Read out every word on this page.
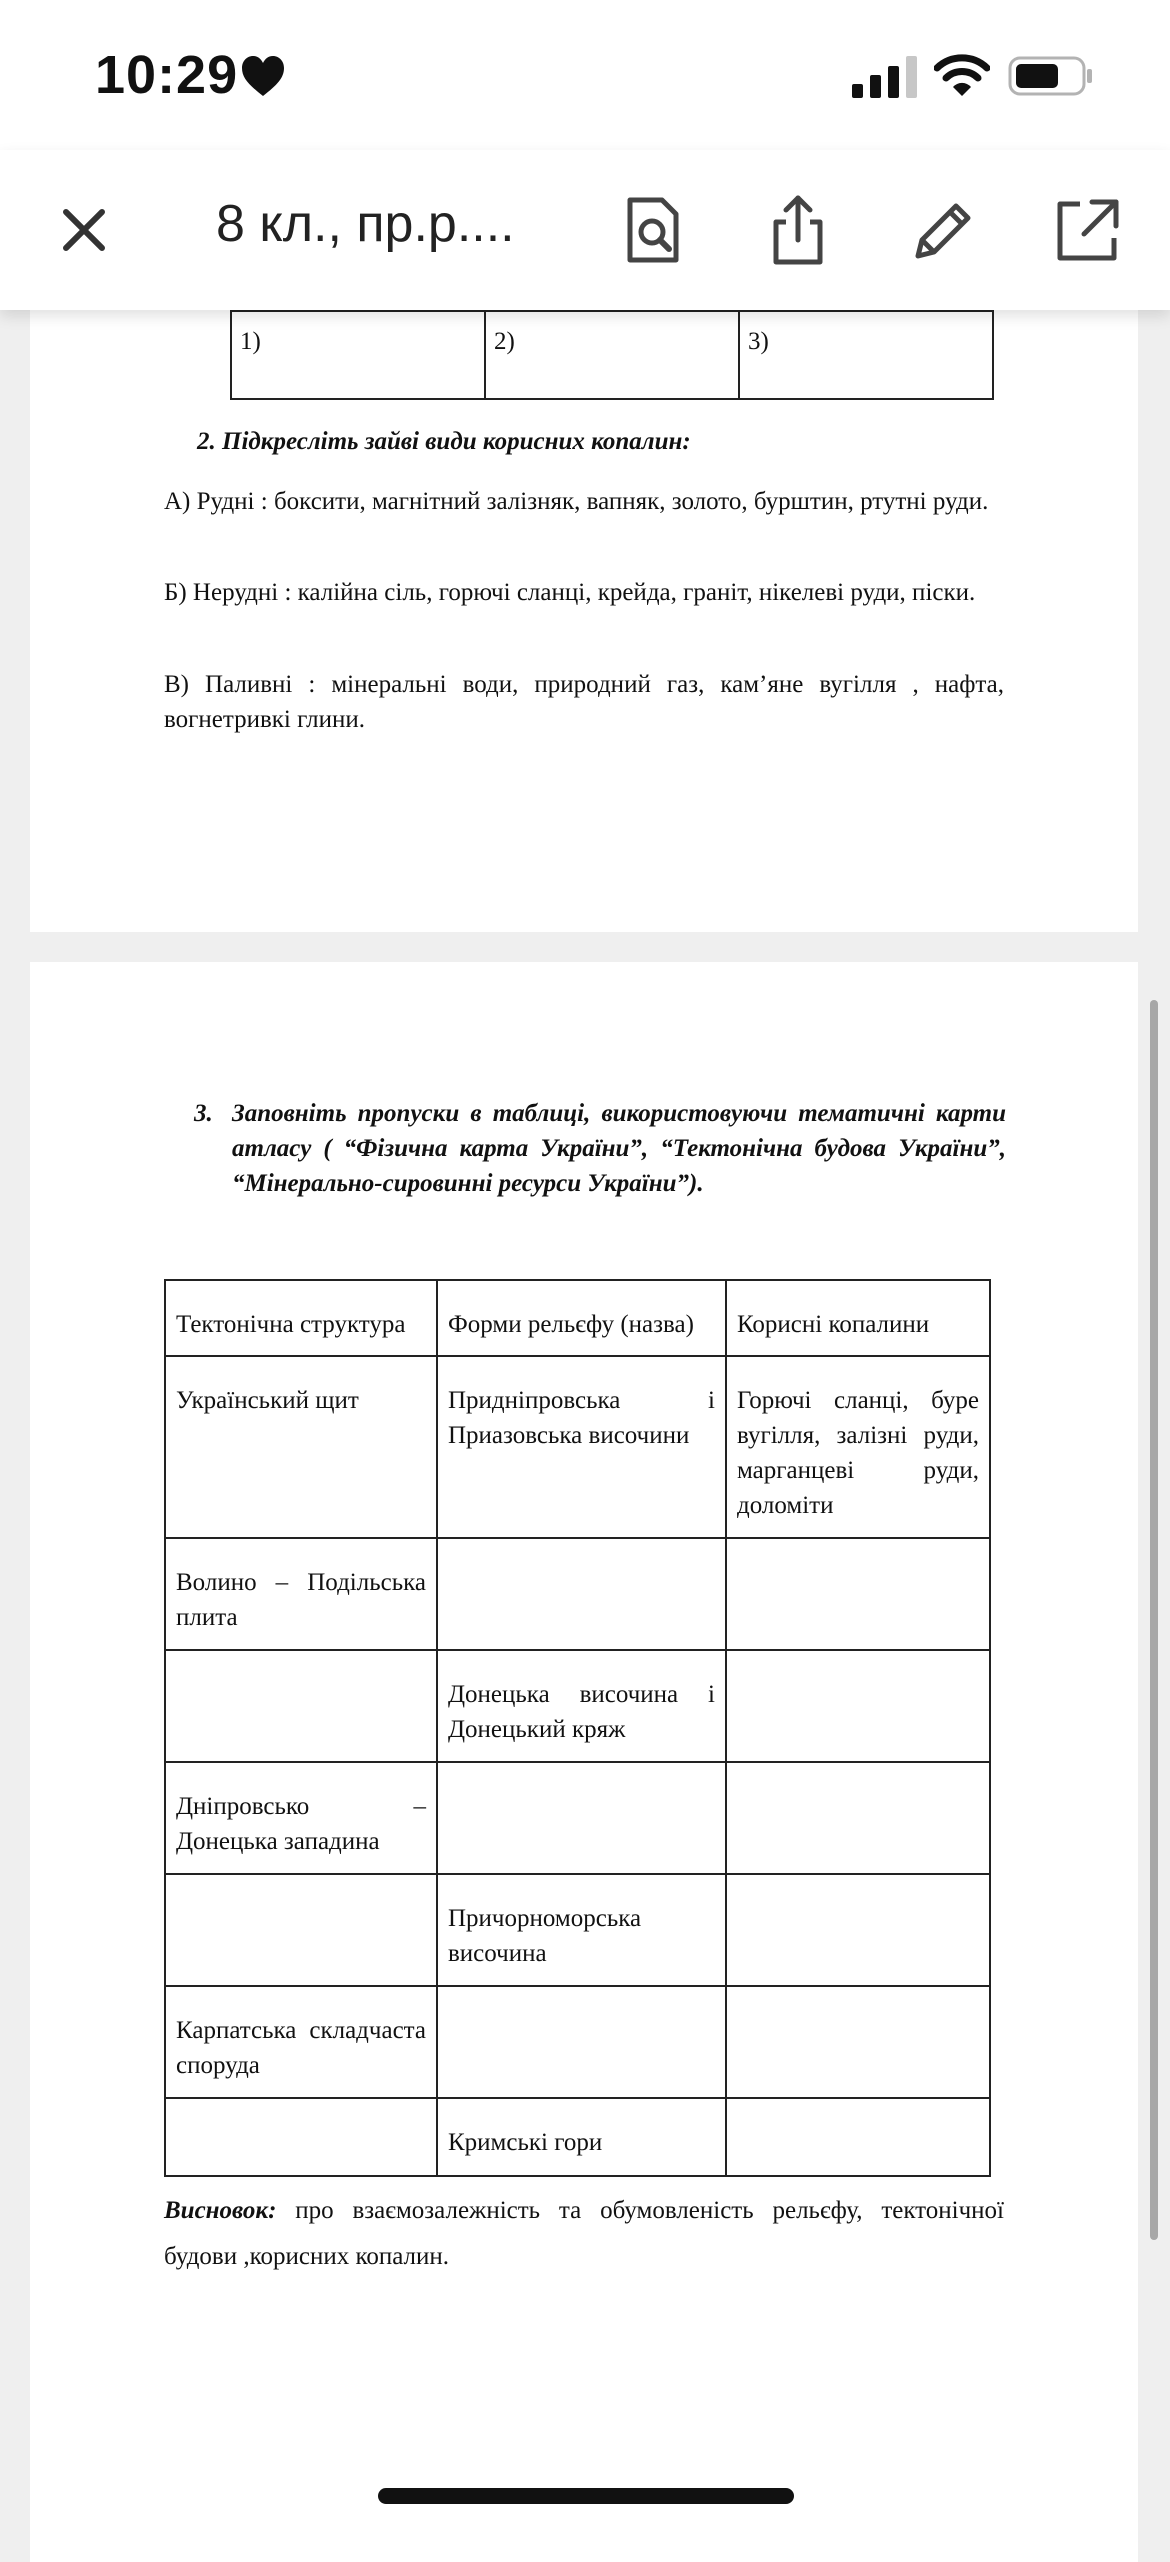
10:29
8 кл., пр.р....
1)	2)	3)
2. Підкресліть зайві види корисних копалин:
А) Рудні : боксити, магнітний залізняк, вапняк, золото, бурштин, ртутні руди.
Б) Нерудні : калійна сіль, горючі сланці, крейда, граніт, нікелеві руди, піски.
В) Паливні : мінеральні води, природний газ, кам’яне вугілля , нафта, вогнетривкі глини.
3. Заповніть пропуски в таблиці, використовуючи тематичні карти атласу ( “Фізична карта України”, “Тектонічна будова України”, “Мінерально-сировинні ресурси України”).
Тектонічна структура	Форми рельєфу (назва)	Корисні копалини
Український щит	Придніпровська і Приазовська височини	Горючі сланці, буре вугілля, залізні руди, марганцеві руди, доломіти
Волино – Подільська плита		
	Донецька височина і Донецький кряж	
Дніпровсько – Донецька западина		
	Причорноморська височина	
Карпатська складчаста споруда		
	Кримські гори	
Висновок: про взаємозалежність та обумовленість рельєфу, тектонічної будови ,корисних копалин.
